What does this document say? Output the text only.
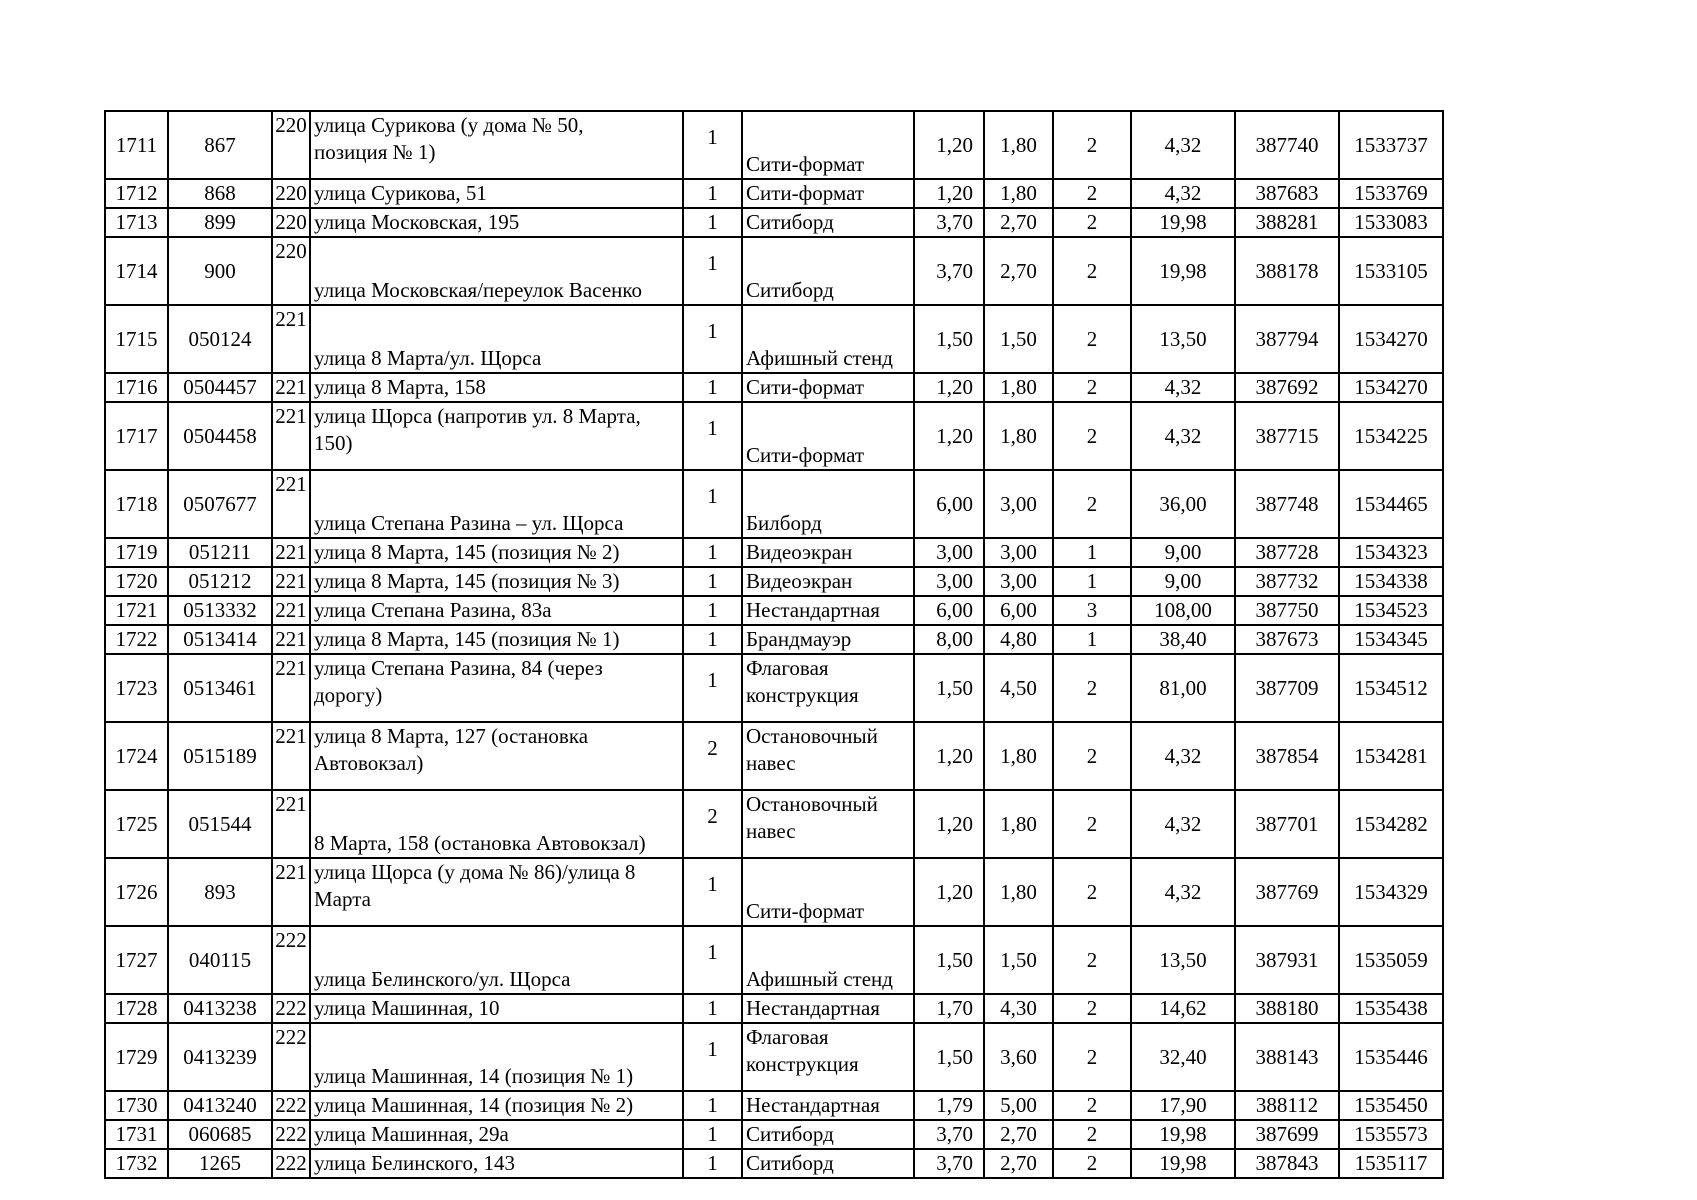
1711	867	220	улица Сурикова (у дома № 50,
позиция № 1)	1	Сити-формат	1,20	1,80	2	4,32	387740	1533737
1712	868	220	улица Сурикова, 51	1	Сити-формат	1,20	1,80	2	4,32	387683	1533769
1713	899	220	улица Московская, 195	1	Ситиборд	3,70	2,70	2	19,98	388281	1533083
1714	900	220	улица Московская/переулок Васенко	1	Ситиборд	3,70	2,70	2	19,98	388178	1533105
1715	050124	221	улица 8 Марта/ул. Щорса	1	Афишный стенд	1,50	1,50	2	13,50	387794	1534270
1716	0504457	221	улица 8 Марта, 158	1	Сити-формат	1,20	1,80	2	4,32	387692	1534270
1717	0504458	221	улица Щорса (напротив ул. 8 Марта,
150)	1	Сити-формат	1,20	1,80	2	4,32	387715	1534225
1718	0507677	221	улица Степана Разина – ул. Щорса	1	Билборд	6,00	3,00	2	36,00	387748	1534465
1719	051211	221	улица 8 Марта, 145 (позиция № 2)	1	Видеоэкран	3,00	3,00	1	9,00	387728	1534323
1720	051212	221	улица 8 Марта, 145 (позиция № 3)	1	Видеоэкран	3,00	3,00	1	9,00	387732	1534338
1721	0513332	221	улица Степана Разина, 83а	1	Нестандартная	6,00	6,00	3	108,00	387750	1534523
1722	0513414	221	улица 8 Марта, 145 (позиция № 1)	1	Брандмауэр	8,00	4,80	1	38,40	387673	1534345
1723	0513461	221	улица Степана Разина, 84 (через
дорогу)	1	Флаговая
конструкция	1,50	4,50	2	81,00	387709	1534512
1724	0515189	221	улица 8 Марта, 127 (остановка
Автовокзал)	2	Остановочный
навес	1,20	1,80	2	4,32	387854	1534281
1725	051544	221	8 Марта, 158 (остановка Автовокзал)	2	Остановочный
навес	1,20	1,80	2	4,32	387701	1534282
1726	893	221	улица Щорса (у дома № 86)/улица 8
Марта	1	Сити-формат	1,20	1,80	2	4,32	387769	1534329
1727	040115	222	улица Белинского/ул. Щорса	1	Афишный стенд	1,50	1,50	2	13,50	387931	1535059
1728	0413238	222	улица Машинная, 10	1	Нестандартная	1,70	4,30	2	14,62	388180	1535438
1729	0413239	222	улица Машинная, 14 (позиция № 1)	1	Флаговая
конструкция	1,50	3,60	2	32,40	388143	1535446
1730	0413240	222	улица Машинная, 14 (позиция № 2)	1	Нестандартная	1,79	5,00	2	17,90	388112	1535450
1731	060685	222	улица Машинная, 29а	1	Ситиборд	3,70	2,70	2	19,98	387699	1535573
1732	1265	222	улица Белинского, 143	1	Ситиборд	3,70	2,70	2	19,98	387843	1535117
